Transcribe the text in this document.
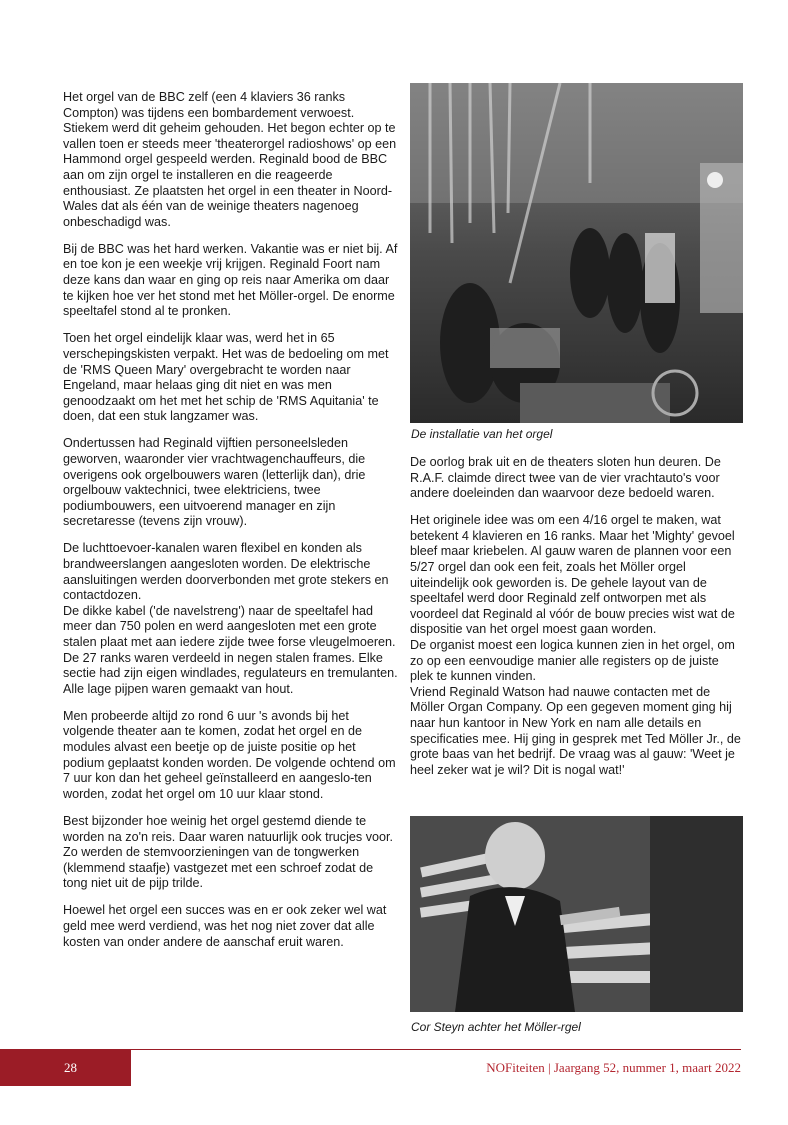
Het orgel van de BBC zelf (een 4 klaviers 36 ranks Compton) was tijdens een bombardement verwoest. Stiekem werd dit geheim gehouden. Het begon echter op te vallen toen er steeds meer 'theaterorgel radioshows' op een Hammond orgel gespeeld werden. Reginald bood de BBC aan om zijn orgel te installeren en die reageerde enthousiast. Ze plaatsten het orgel in een theater in Noord-Wales dat als één van de weinige theaters nagenoeg onbeschadigd was.

Bij de BBC was het hard werken. Vakantie was er niet bij. Af en toe kon je een weekje vrij krijgen. Reginald Foort nam deze kans dan waar en ging op reis naar Amerika om daar te kijken hoe ver het stond met het Möller-orgel. De enorme speeltafel stond al te pronken.

Toen het orgel eindelijk klaar was, werd het in 65 verschepingskisten verpakt. Het was de bedoeling om met de 'RMS Queen Mary' overgebracht te worden naar Engeland, maar helaas ging dit niet en was men genoodzaakt om het met het schip de 'RMS Aquitania' te doen, dat een stuk langzamer was.

Ondertussen had Reginald vijftien personeelsleden geworven, waaronder vier vrachtwagenchauffeurs, die overigens ook orgelbouwers waren (letterlijk dan), drie orgelbouw vaktechnici, twee elektriciens, twee podiumbouwers, een uitvoerend manager en zijn secretaresse (tevens zijn vrouw).

De luchttoevoer-kanalen waren flexibel en konden als brandweerslangen aangesloten worden. De elektrische aansluitingen werden doorverbonden met grote stekers en contactdozen.

De dikke kabel ('de navelstreng') naar de speeltafel had meer dan 750 polen en werd aangesloten met een grote stalen plaat met aan iedere zijde twee forse vleugelmoeren.

De 27 ranks waren verdeeld in negen stalen frames. Elke sectie had zijn eigen windlades, regulateurs en tremulanten. Alle lage pijpen waren gemaakt van hout.

Men probeerde altijd zo rond 6 uur 's avonds bij het volgende theater aan te komen, zodat het orgel en de modules alvast een beetje op de juiste positie op het podium geplaatst konden worden. De volgende ochtend om 7 uur kon dan het geheel geïnstalleerd en aangeslo-ten worden, zodat het orgel om 10 uur klaar stond.

Best bijzonder hoe weinig het orgel gestemd diende te worden na zo'n reis. Daar waren natuurlijk ook trucjes voor. Zo werden de stemvoorzieningen van de tongwerken (klemmend staafje) vastgezet met een schroef zodat de tong niet uit de pijp trilde.

Hoewel het orgel een succes was en er ook zeker wel wat geld mee werd verdiend, was het nog niet zover dat alle kosten van onder andere de aanschaf eruit waren.

De installatie van het orgel

De oorlog brak uit en de theaters sloten hun deuren. De R.A.F. claimde direct twee van de vier vrachtauto's voor andere doeleinden dan waarvoor deze bedoeld waren.

Het originele idee was om een 4/16 orgel te maken, wat betekent 4 klavieren en 16 ranks. Maar het 'Mighty' gevoel bleef maar kriebelen. Al gauw waren de plannen voor een 5/27 orgel dan ook een feit, zoals het Möller orgel uiteindelijk ook geworden is. De gehele layout van de speeltafel werd door Reginald zelf ontworpen met als voordeel dat Reginald al vóór de bouw precies wist wat de dispositie van het orgel moest gaan worden.

De organist moest een logica kunnen zien in het orgel, om zo op een eenvoudige manier alle registers op de juiste plek te kunnen vinden.

Vriend Reginald Watson had nauwe contacten met de Möller Organ Company. Op een gegeven moment ging hij naar hun kantoor in New York en nam alle details en specificaties mee. Hij ging in gesprek met Ted Möller Jr., de grote baas van het bedrijf. De vraag was al gauw: 'Weet je heel zeker wat je wil? Dit is nogal wat!'

Cor Steyn achter het Möller-rgel
28	NOFiteiten | Jaargang 52, nummer 1, maart 2022
